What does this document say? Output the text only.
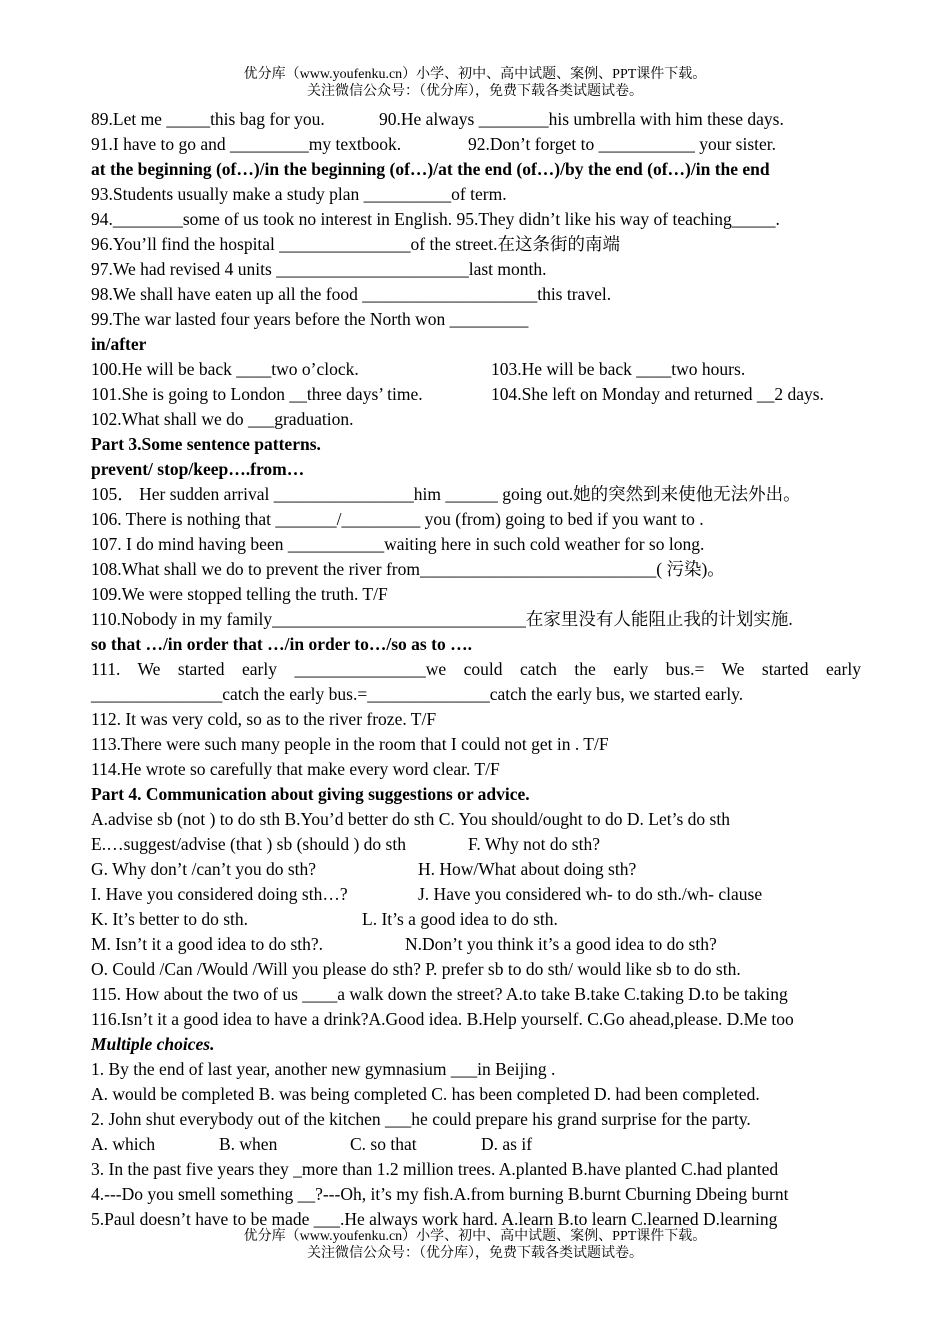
优分库（www.youfenku.cn）小学、初中、高中试题、案例、PPT课件下载。
关注微信公众号：（优分库），免费下载各类试题试卷。
89.Let me _____this bag for you.	90.He always ________his umbrella with him these days.
91.I have to go and _________my textbook.	92.Don’t forget to ___________ your sister.
at the beginning (of…)/in the beginning (of…)/at the end (of…)/by the end (of…)/in the end
93.Students usually make a study plan __________of term.
94.________some of us took no interest in English. 95.They didn’t like his way of teaching_____.
96.You’ll find the hospital _______________of the street.在这条街的南端
97.We had revised 4 units ______________________last month.
98.We shall have eaten up all the food ____________________this travel.
99.The war lasted four years before the North won _________
in/after
100.He will be back ____two o’clock.	103.He will be back ____two hours.
101.She is going to London __three days’ time.	104.She left on Monday and returned __2 days.
102.What shall we do ___graduation.
Part 3.Some sentence patterns.
prevent/ stop/keep….from…
105． Her sudden arrival ________________him ______ going out.她的突然到来使他无法外出。
106. There is nothing that _______/_________ you (from) going to bed if you want to .
107. I do mind having been ___________waiting here in such cold weather for so long.
108.What shall we do to prevent the river from___________________________( 污染)。
109.We were stopped telling the truth. T/F
110.Nobody in my family_____________________________在家里没有人能阻止我的计划实施.
so that …/in order that …/in order to…/so as to ….
111. We started early _______________we could catch the early bus.= We started early
_______________catch the early bus.=______________catch the early bus, we started early.
112. It was very cold, so as to the river froze. T/F
113.There were such many people in the room that I could not get in . T/F
114.He wrote so carefully that make every word clear. T/F
Part 4. Communication about giving suggestions or advice.
A.advise sb (not ) to do sth B.You’d better do sth C. You should/ought to do D. Let’s do sth
E.…suggest/advise (that ) sb (should ) do sth	F. Why not do sth?
G. Why don’t /can’t you do sth?	H. How/What about doing sth?
I. Have you considered doing sth…?	J. Have you considered wh- to do sth./wh- clause
K. It’s better to do sth.	L. It’s a good idea to do sth.
M. Isn’t it a good idea to do sth?.	N.Don’t you think it’s a good idea to do sth?
O. Could /Can /Would /Will you please do sth? P. prefer sb to do sth/ would like sb to do sth.
115. How about the two of us ____a walk down the street? A.to take B.take C.taking D.to be taking
116.Isn’t it a good idea to have a drink?A.Good idea. B.Help yourself. C.Go ahead,please. D.Me too
Multiple choices.
1. By the end of last year, another new gymnasium ___in Beijing .
A. would be completed B. was being completed C. has been completed D. had been completed.
2. John shut everybody out of the kitchen ___he could prepare his grand surprise for the party.
A. which	B. when	C. so that	D. as if
3. In the past five years they _more than 1.2 million trees. A.planted B.have planted C.had planted
4.---Do you smell something __?---Oh, it’s my fish.A.from burning B.burnt Cburning Dbeing burnt
5.Paul doesn’t have to be made ___.He always work hard. A.learn B.to learn C.learned D.learning
优分库（www.youfenku.cn）小学、初中、高中试题、案例、PPT课件下载。
关注微信公众号：（优分库），免费下载各类试题试卷。
